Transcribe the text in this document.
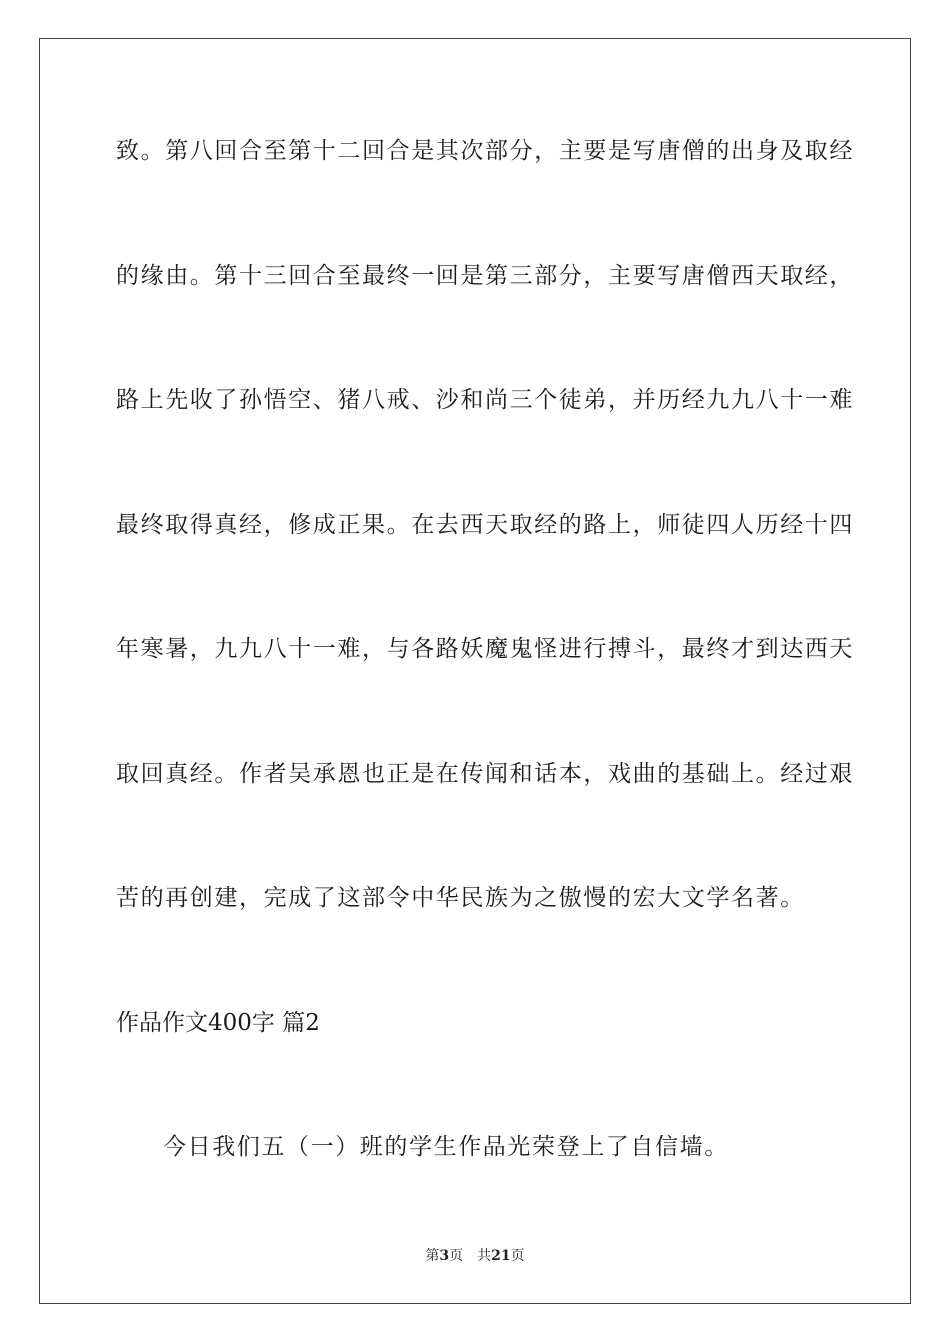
致。第八回合至第十二回合是其次部分，主要是写唐僧的出身及取经
的缘由。第十三回合至最终一回是第三部分，主要写唐僧西天取经，
路上先收了孙悟空、猪八戒、沙和尚三个徒弟，并历经九九八十一难
最终取得真经，修成正果。在去西天取经的路上，师徒四人历经十四
年寒暑，九九八十一难，与各路妖魔鬼怪进行搏斗，最终才到达西天
取回真经。作者吴承恩也正是在传闻和话本，戏曲的基础上。经过艰
苦的再创建，完成了这部令中华民族为之傲慢的宏大文学名著。
作品作文400字 篇2
今日我们五（一）班的学生作品光荣登上了自信墙。
第3页 共21页
